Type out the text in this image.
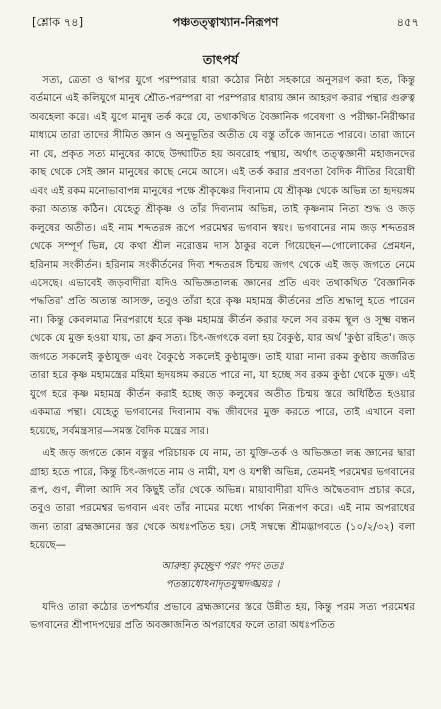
[শ্লোক ৭৪]	পঞ্চতত্ত্বাখ্যান-নিরূপণ	৪৫৭
তাৎপর্য

সত্য, ত্রেতা ও দ্বাপর যুগে পরম্পরার ধারা কঠোর নিষ্ঠা সহকারে অনুসরণ করা হত, কিন্তু বর্তমানে এই কলিযুগে মানুষ শ্রৌত-পরম্পরা বা পরম্পরার ধারায় জ্ঞান আহরণ করার পন্থার গুরুত্ব অবহেলা করে। এই যুগে মানুষ তর্ক করে যে, তথাকথিত বৈজ্ঞানিক গবেষণা ও পরীক্ষা-নিরীক্ষার মাধ্যমে তারা তাদের সীমিত জ্ঞান ও অনুভূতির অতীত যে বস্তু তাঁকে জানতে পারবে। তারা জানে না যে, প্রকৃত সত্য মানুষের কাছে উদ্ঘাটিত হয় অবরোহ পন্থায়, অর্থাৎ তত্ত্বজ্ঞানী মহাজনদের কাছ থেকে সেই জ্ঞান মানুষের কাছে নেমে আসে। এই তর্ক করার প্রবণতা বৈদিক নীতির বিরোধী এবং এই রকম মনোভাবাপন্ন মানুষের পক্ষে শ্রীকৃষ্ণের দিব্যনাম যে শ্রীকৃষ্ণ থেকে অভিন্ন তা হৃদয়ঙ্গম করা অত্যন্ত কঠিন। যেহেতু শ্রীকৃষ্ণ ও তাঁর দিব্যনাম অভিন্ন, তাই কৃষ্ণনাম নিত্য শুদ্ধ ও জড় কলুষের অতীত। এই নাম শব্দতরঙ্গ রূপে পরমেশ্বর ভগবান স্বয়ং। ভগবানের নাম জড় শব্দতরঙ্গ থেকে সম্পূর্ণ ভিন্ন, যে কথা শ্রীল নরোত্তম দাস ঠাকুর বলে গিয়েছেন—গোলোকের প্রেমধন, হরিনাম সংকীর্তন। হরিনাম সংকীর্তনের দিব্য শব্দতরঙ্গ চিন্ময় জগৎ থেকে এই জড় জগতে নেমে এসেছে। এভাবেই জড়বাদীরা যদিও অভিজ্ঞতালব্ধ জ্ঞানের প্রতি এবং তথাকথিত 'বৈজ্ঞানিক পদ্ধতির' প্রতি অত্যন্ত আসক্ত, তবুও তাঁরা হরে কৃষ্ণ মহামন্ত্র কীর্তনের প্রতি শ্রদ্ধালু হতে পারেন না। কিন্তু কেবলমাত্র নিরপরাধে হরে কৃষ্ণ মহামন্ত্র কীর্তন করার ফলে সব রকম স্থূল ও সূক্ষ্ম বন্ধন থেকে যে মুক্ত হওয়া যায়, তা ধ্রুব সত্য। চিৎ-জগৎকে বলা হয় বৈকুণ্ঠ, যার অর্থ 'কুণ্ঠা রহিত'। জড় জগতে সকলেই কুণ্ঠাযুক্ত এবং বৈকুণ্ঠে সকলেই কুণ্ঠামুক্ত। তাই যারা নানা রকম কুণ্ঠায় জর্জরিত তারা হরে কৃষ্ণ মহামন্ত্রের মহিমা হৃদয়ঙ্গম করতে পারে না, যা হচ্ছে সব রকম কুণ্ঠা থেকে মুক্ত। এই যুগে হরে কৃষ্ণ মহামন্ত্র কীর্তন করাই হচ্ছে জড় কলুষের অতীত চিন্ময় স্তরে অধিষ্ঠিত হওয়ার একমাত্র পন্থা। যেহেতু ভগবানের দিব্যনাম বদ্ধ জীবদের মুক্ত করতে পারে, তাই এখানে বলা হয়েছে, সর্বমন্ত্রসার—সমস্ত বৈদিক মন্ত্রের সার।

এই জড় জগতে কোন বস্তুর পরিচায়ক যে নাম, তা যুক্তি-তর্ক ও অভিজ্ঞতা লব্ধ জ্ঞানের দ্বারা গ্রাহ্য হতে পারে, কিন্তু চিৎ-জগতে নাম ও নামী, যশ ও যশস্বী অভিন্ন, তেমনই পরমেশ্বর ভগবানের রূপ, গুণ, লীলা আদি সব কিছুই তাঁর থেকে অভিন্ন। মায়াবাদীরা যদিও অদ্বৈতবাদ প্রচার করে, তবুও তারা পরমেশ্বর ভগবান এবং তাঁর নামের মধ্যে পার্থক্য নিরূপণ করে। এই নাম অপরাধের জন্য তারা ব্রহ্মজ্ঞানের স্তর থেকে অধঃপতিত হয়। সেই সম্বন্ধে শ্রীমদ্ভাগবতে (১০/২/৩২) বলা হয়েছে—

আরুহ্য কৃচ্ছ্রেণ পরং পদং ততঃ
পতন্ত্যধোঽনাদৃতযুষ্মদঙ্ঘ্রয়ঃ ।

যদিও তারা কঠোর তপশ্চর্যার প্রভাবে ব্রহ্মজ্ঞানের স্তরে উন্নীত হয়, কিন্তু পরম সত্য পরমেশ্বর ভগবানের শ্রীপাদপদ্মের প্রতি অবজ্ঞাজনিত অপরাধের ফলে তারা অধঃপতিত
